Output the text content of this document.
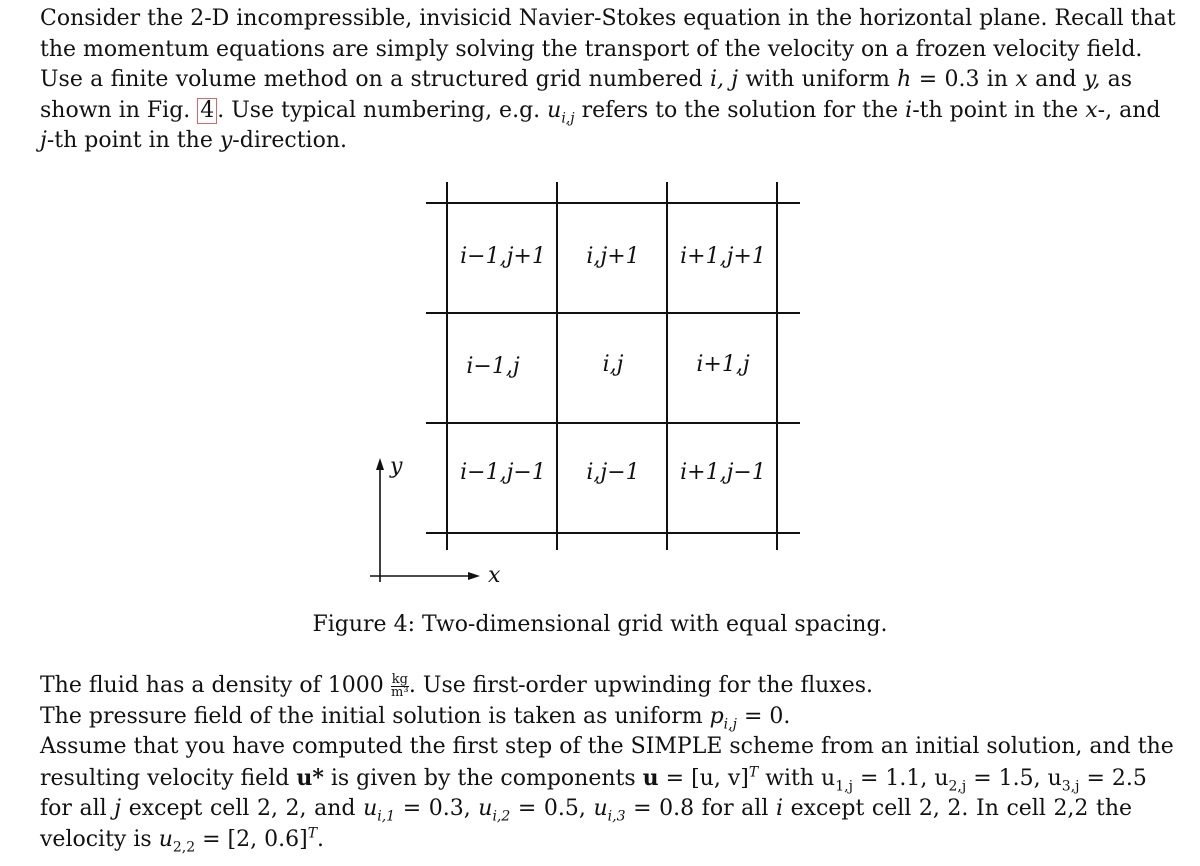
Consider the 2-D incompressible, invisicid Navier-Stokes equation in the horizontal plane. Recall that
the momentum equations are simply solving the transport of the velocity on a frozen velocity field.
Use a finite volume method on a structured grid numbered i, j with uniform h = 0.3 in x and y, as
shown in Fig. 4 . Use typical numbering, e.g. $u_{i,j}$ refers to the solution for the i-th point in the x-, and
j-th point in the y-direction.
i−1,j+1	i,j+1	i+1,j+1
i−1,j	i,j	i+1,j
i−1,j−1	i,j−1	i+1,j−1
y
x
Figure 4: Two-dimensional grid with equal spacing.
The fluid has a density of $1000 \frac{kg}{\text{m³}}$ . Use first-order upwinding for the fluxes.
The pressure field of the initial solution is taken as uniform $p_{i,j} = 0$.
Assume that you have computed the first step of the SIMPLE scheme from an initial solution, and the
resulting velocity field u* is given by the components u = [u, v]$^T$ with $u_{1,j} = 1.1$, $u_{2,j} = 1.5$, $u_{3,j} = 2.5$
for all j except cell 2, 2, and $u_{i,1} = 0.3$, $u_{i,2} = 0.5$, $u_{i,3} = 0.8$ for all i except cell 2, 2. In cell 2,2 the
velocity is $u_{2,2} = [2$, 0.6]$^T$.
